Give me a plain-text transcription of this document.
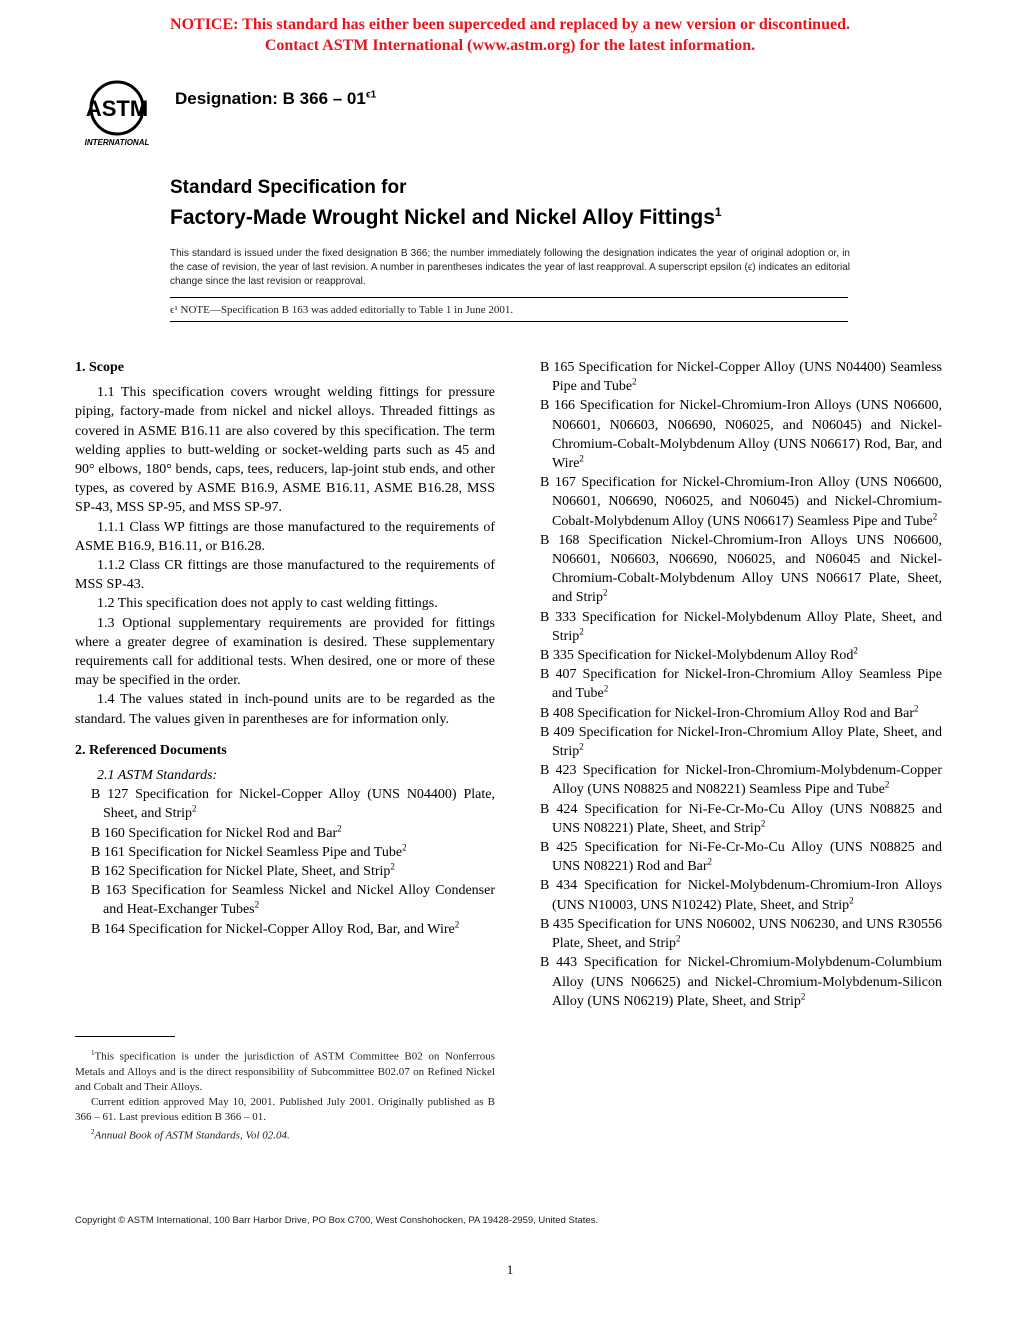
NOTICE: This standard has either been superceded and replaced by a new version or discontinued.
Contact ASTM International (www.astm.org) for the latest information.
ASTM
INTERNATIONAL
Designation: B $366 - 01^{\epsilon 1}$
Standard Specification for
Factory-Made Wrought Nickel and Nickel Alloy Fittings$^1$
This standard is issued under the fixed designation B 366; the number immediately following the designation indicates the year of original adoption or, in the case of revision, the year of last revision. A number in parentheses indicates the year of last reapproval. A superscript epsilon (ϵ) indicates an editorial change since the last revision or reapproval.
ϵ¹ NOTE—Specification B 163 was added editorially to Table 1 in June 2001.

1. Scope

1.1 This specification covers wrought welding fittings for pressure piping, factory-made from nickel and nickel alloys. Threaded fittings as covered in ASME B16.11 are also covered by this specification. The term welding applies to butt-welding or socket-welding parts such as 45 and 90° elbows, 180° bends, caps, tees, reducers, lap-joint stub ends, and other types, as covered by ASME B16.9, ASME B16.11, ASME B16.28, MSS SP-43, MSS SP-95, and MSS SP-97.

1.1.1 Class WP fittings are those manufactured to the requirements of ASME B16.9, B16.11, or B16.28.

1.1.2 Class CR fittings are those manufactured to the requirements of MSS SP-43.

1.2 This specification does not apply to cast welding fittings.

1.3 Optional supplementary requirements are provided for fittings where a greater degree of examination is desired. These supplementary requirements call for additional tests. When desired, one or more of these may be specified in the order.

1.4 The values stated in inch-pound units are to be regarded as the standard. The values given in parentheses are for information only.

2. Referenced Documents

2.1 ASTM Standards:

B 127 Specification for Nickel-Copper Alloy (UNS N04400) Plate, Sheet, and Strip$^2$

B 160 Specification for Nickel Rod and Bar$^2$

B 161 Specification for Nickel Seamless Pipe and Tube$^2$

B 162 Specification for Nickel Plate, Sheet, and Strip$^2$

B 163 Specification for Seamless Nickel and Nickel Alloy Condenser and Heat-Exchanger Tubes$^2$

B 164 Specification for Nickel-Copper Alloy Rod, Bar, and Wire$^2$

B 165 Specification for Nickel-Copper Alloy (UNS N04400) Seamless Pipe and Tube$^2$

B 166 Specification for Nickel-Chromium-Iron Alloys (UNS N06600, N06601, N06603, N06690, N06025, and N06045) and Nickel-Chromium-Cobalt-Molybdenum Alloy (UNS N06617) Rod, Bar, and Wire$^2$

B 167 Specification for Nickel-Chromium-Iron Alloy (UNS N06600, N06601, N06690, N06025, and N06045) and Nickel-Chromium-Cobalt-Molybdenum Alloy (UNS N06617) Seamless Pipe and Tube$^2$

B 168 Specification Nickel-Chromium-Iron Alloys UNS N06600, N06601, N06603, N06690, N06025, and N06045 and Nickel-Chromium-Cobalt-Molybdenum Alloy UNS N06617 Plate, Sheet, and Strip$^2$

B 333 Specification for Nickel-Molybdenum Alloy Plate, Sheet, and Strip$^2$

B 335 Specification for Nickel-Molybdenum Alloy Rod$^2$

B 407 Specification for Nickel-Iron-Chromium Alloy Seamless Pipe and Tube$^2$

B 408 Specification for Nickel-Iron-Chromium Alloy Rod and Bar$^2$

B 409 Specification for Nickel-Iron-Chromium Alloy Plate, Sheet, and Strip$^2$

B 423 Specification for Nickel-Iron-Chromium-Molybdenum-Copper Alloy (UNS N08825 and N08221) Seamless Pipe and Tube$^2$

B 424 Specification for Ni-Fe-Cr-Mo-Cu Alloy (UNS N08825 and UNS N08221) Plate, Sheet, and Strip$^2$

B 425 Specification for Ni-Fe-Cr-Mo-Cu Alloy (UNS N08825 and UNS N08221) Rod and Bar$^2$

B 434 Specification for Nickel-Molybdenum-Chromium-Iron Alloys (UNS N10003, UNS N10242) Plate, Sheet, and Strip$^2$

B 435 Specification for UNS N06002, UNS N06230, and UNS R30556 Plate, Sheet, and Strip$^2$

B 443 Specification for Nickel-Chromium-Molybdenum-Columbium Alloy (UNS N06625) and Nickel-Chromium-Molybdenum-Silicon Alloy (UNS N06219) Plate, Sheet, and Strip$^2$

$^1$This specification is under the jurisdiction of ASTM Committee B02 on Nonferrous Metals and Alloys and is the direct responsibility of Subcommittee B02.07 on Refined Nickel and Cobalt and Their Alloys.

Current edition approved May 10, 2001. Published July 2001. Originally published as B 366 – 61. Last previous edition B 366 – 01.

$^2$Annual Book of ASTM Standards, Vol 02.04.

Copyright © ASTM International, 100 Barr Harbor Drive, PO Box C700, West Conshohocken, PA 19428-2959, United States.
1
